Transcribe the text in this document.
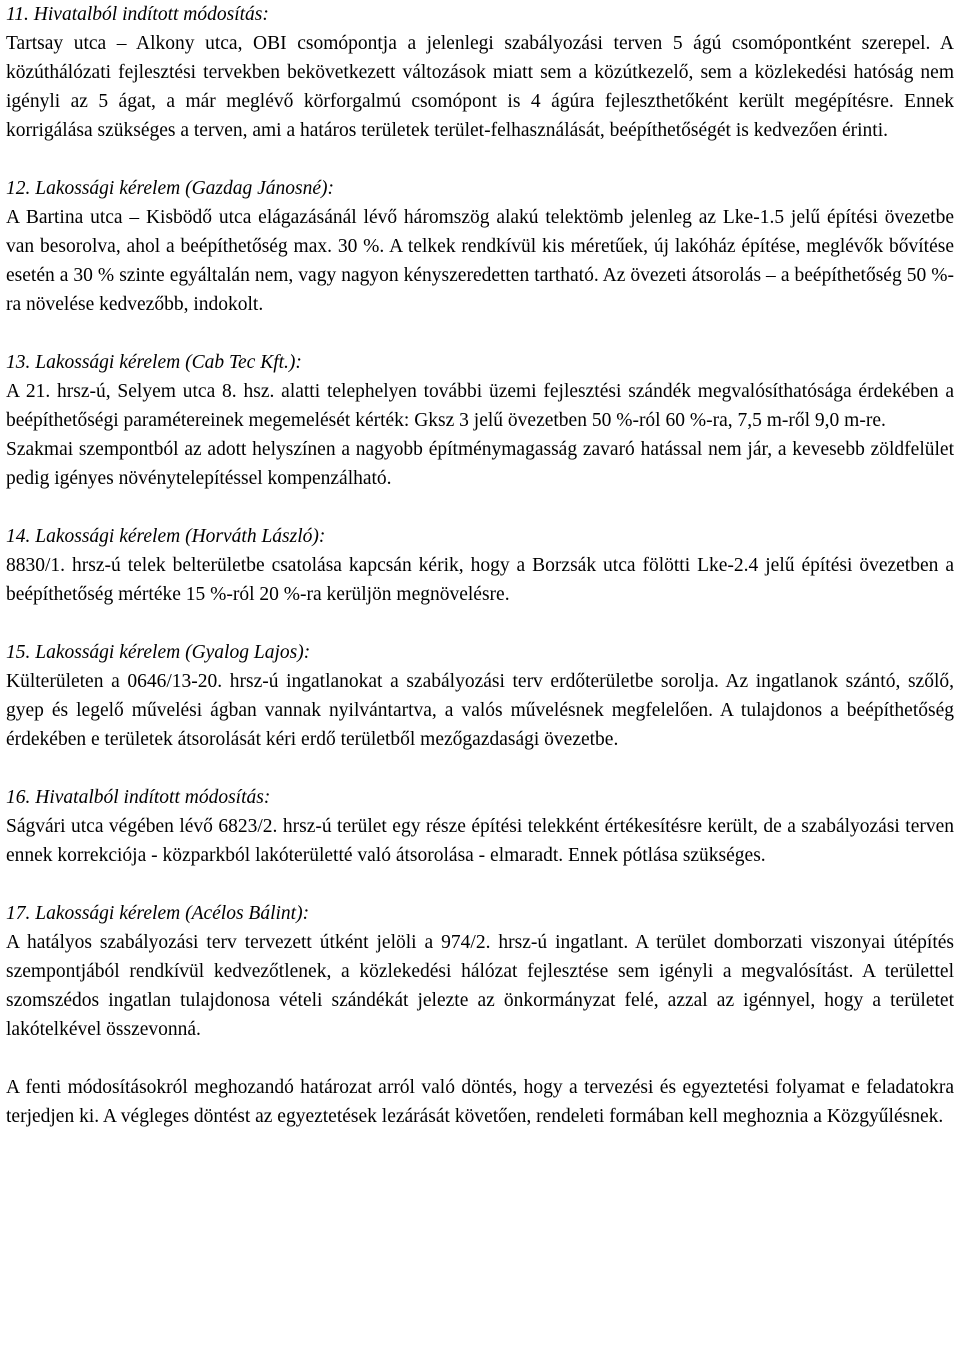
11. Hivatalból indított módosítás:

Tartsay utca – Alkony utca, OBI csomópontja a jelenlegi szabályozási terven 5 ágú csomópontként szerepel. A közúthálózati fejlesztési tervekben bekövetkezett változások miatt sem a közútkezelő, sem a közlekedési hatóság nem igényli az 5 ágat, a már meglévő körforgalmú csomópont is 4 ágúra fejleszthetőként került megépítésre. Ennek korrigálása szükséges a terven, ami a határos területek terület-felhasználását, beépíthetőségét is kedvezően érinti.

12. Lakossági kérelem (Gazdag Jánosné):

A Bartina utca – Kisbödő utca elágazásánál lévő háromszög alakú telektömb jelenleg az Lke-1.5 jelű építési övezetbe van besorolva, ahol a beépíthetőség max. 30 %. A telkek rendkívül kis méretűek, új lakóház építése, meglévők bővítése esetén a 30 % szinte egyáltalán nem, vagy nagyon kényszeredetten tartható. Az övezeti átsorolás – a beépíthetőség 50 %-ra növelése kedvezőbb, indokolt.

13. Lakossági kérelem (Cab Tec Kft.):

A 21. hrsz-ú, Selyem utca 8. hsz. alatti telephelyen további üzemi fejlesztési szándék megvalósíthatósága érdekében a beépíthetőségi paramétereinek megemelését kérték: Gksz 3 jelű övezetben 50 %-ról 60 %-ra, 7,5 m-ről 9,0 m-re.

Szakmai szempontból az adott helyszínen a nagyobb építménymagasság zavaró hatással nem jár, a kevesebb zöldfelület pedig igényes növénytelepítéssel kompenzálható.

14. Lakossági kérelem (Horváth László):

8830/1. hrsz-ú telek belterületbe csatolása kapcsán kérik, hogy a Borzsák utca fölötti Lke-2.4 jelű építési övezetben a beépíthetőség mértéke 15 %-ról 20 %-ra kerüljön megnövelésre.

15. Lakossági kérelem (Gyalog Lajos):

Külterületen a 0646/13-20. hrsz-ú ingatlanokat a szabályozási terv erdőterületbe sorolja. Az ingatlanok szántó, szőlő, gyep és legelő művelési ágban vannak nyilvántartva, a valós művelésnek megfelelően. A tulajdonos a beépíthetőség érdekében e területek átsorolását kéri erdő területből mezőgazdasági övezetbe.

16. Hivatalból indított módosítás:

Ságvári utca végében lévő 6823/2. hrsz-ú terület egy része építési telekként értékesítésre került, de a szabályozási terven ennek korrekciója - közparkból lakóterületté való átsorolása - elmaradt. Ennek pótlása szükséges.

17. Lakossági kérelem (Acélos Bálint):

A hatályos szabályozási terv tervezett útként jelöli a 974/2. hrsz-ú ingatlant. A terület domborzati viszonyai útépítés szempontjából rendkívül kedvezőtlenek, a közlekedési hálózat fejlesztése sem igényli a megvalósítást. A területtel szomszédos ingatlan tulajdonosa vételi szándékát jelezte az önkormányzat felé, azzal az igénnyel, hogy a területet lakótelkével összevonná.

A fenti módosításokról meghozandó határozat arról való döntés, hogy a tervezési és egyeztetési folyamat e feladatokra terjedjen ki. A végleges döntést az egyeztetések lezárását követően, rendeleti formában kell meghoznia a Közgyűlésnek.
